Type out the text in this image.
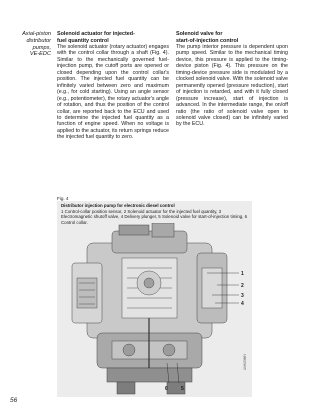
Axial-piston
distributor
pumps,
VE-EDC
Solenoid actuator for injected-
fuel quantity control

The solenoid actuator (rotary actuator) engages with the control collar through a shaft (Fig. 4). Similar to the mechanically governed fuel-injection pump, the cutoff ports are opened or closed depending upon the control collar's position. The injected fuel quantity can be infinitely varied between zero and maximum (e.g., for cold starting). Using an angle sensor (e.g., potentiometer), the rotary actuator's angle of rotation, and thus the position of the control collar, are reported back to the ECU and used to determine the injected fuel quantity as a function of engine speed. When no voltage is applied to the actuator, its return springs reduce the injected fuel quantity to zero.

Solenoid valve for
start-of-injection control

The pump interior pressure is dependent upon pump speed. Similar to the mechanical timing device, this pressure is applied to the timing-device piston (Fig. 4). This pressure on the timing-device pressure side is modulated by a clocked solenoid valve. With the solenoid valve permanently opened (pressure reduction), start of injection is retarded, and with it fully closed (pressure increase), start of injection is advanced. In the intermediate range, the on/off ratio (the ratio of solenoid valve open to solenoid valve closed) can be infinitely varied by the ECU.

Fig. 4
Distributor injection pump for electronic diesel control
1 Control-collar position sensor, 2 Solenoid actuator for the injected fuel quantity, 3 Electromagnetic shutoff valve, 4 Delivery plunger, 5 Solenoid valve for start-of-injection timing, 6 Control collar.
1
2
3
4
5
6
UMK0366Y
56
